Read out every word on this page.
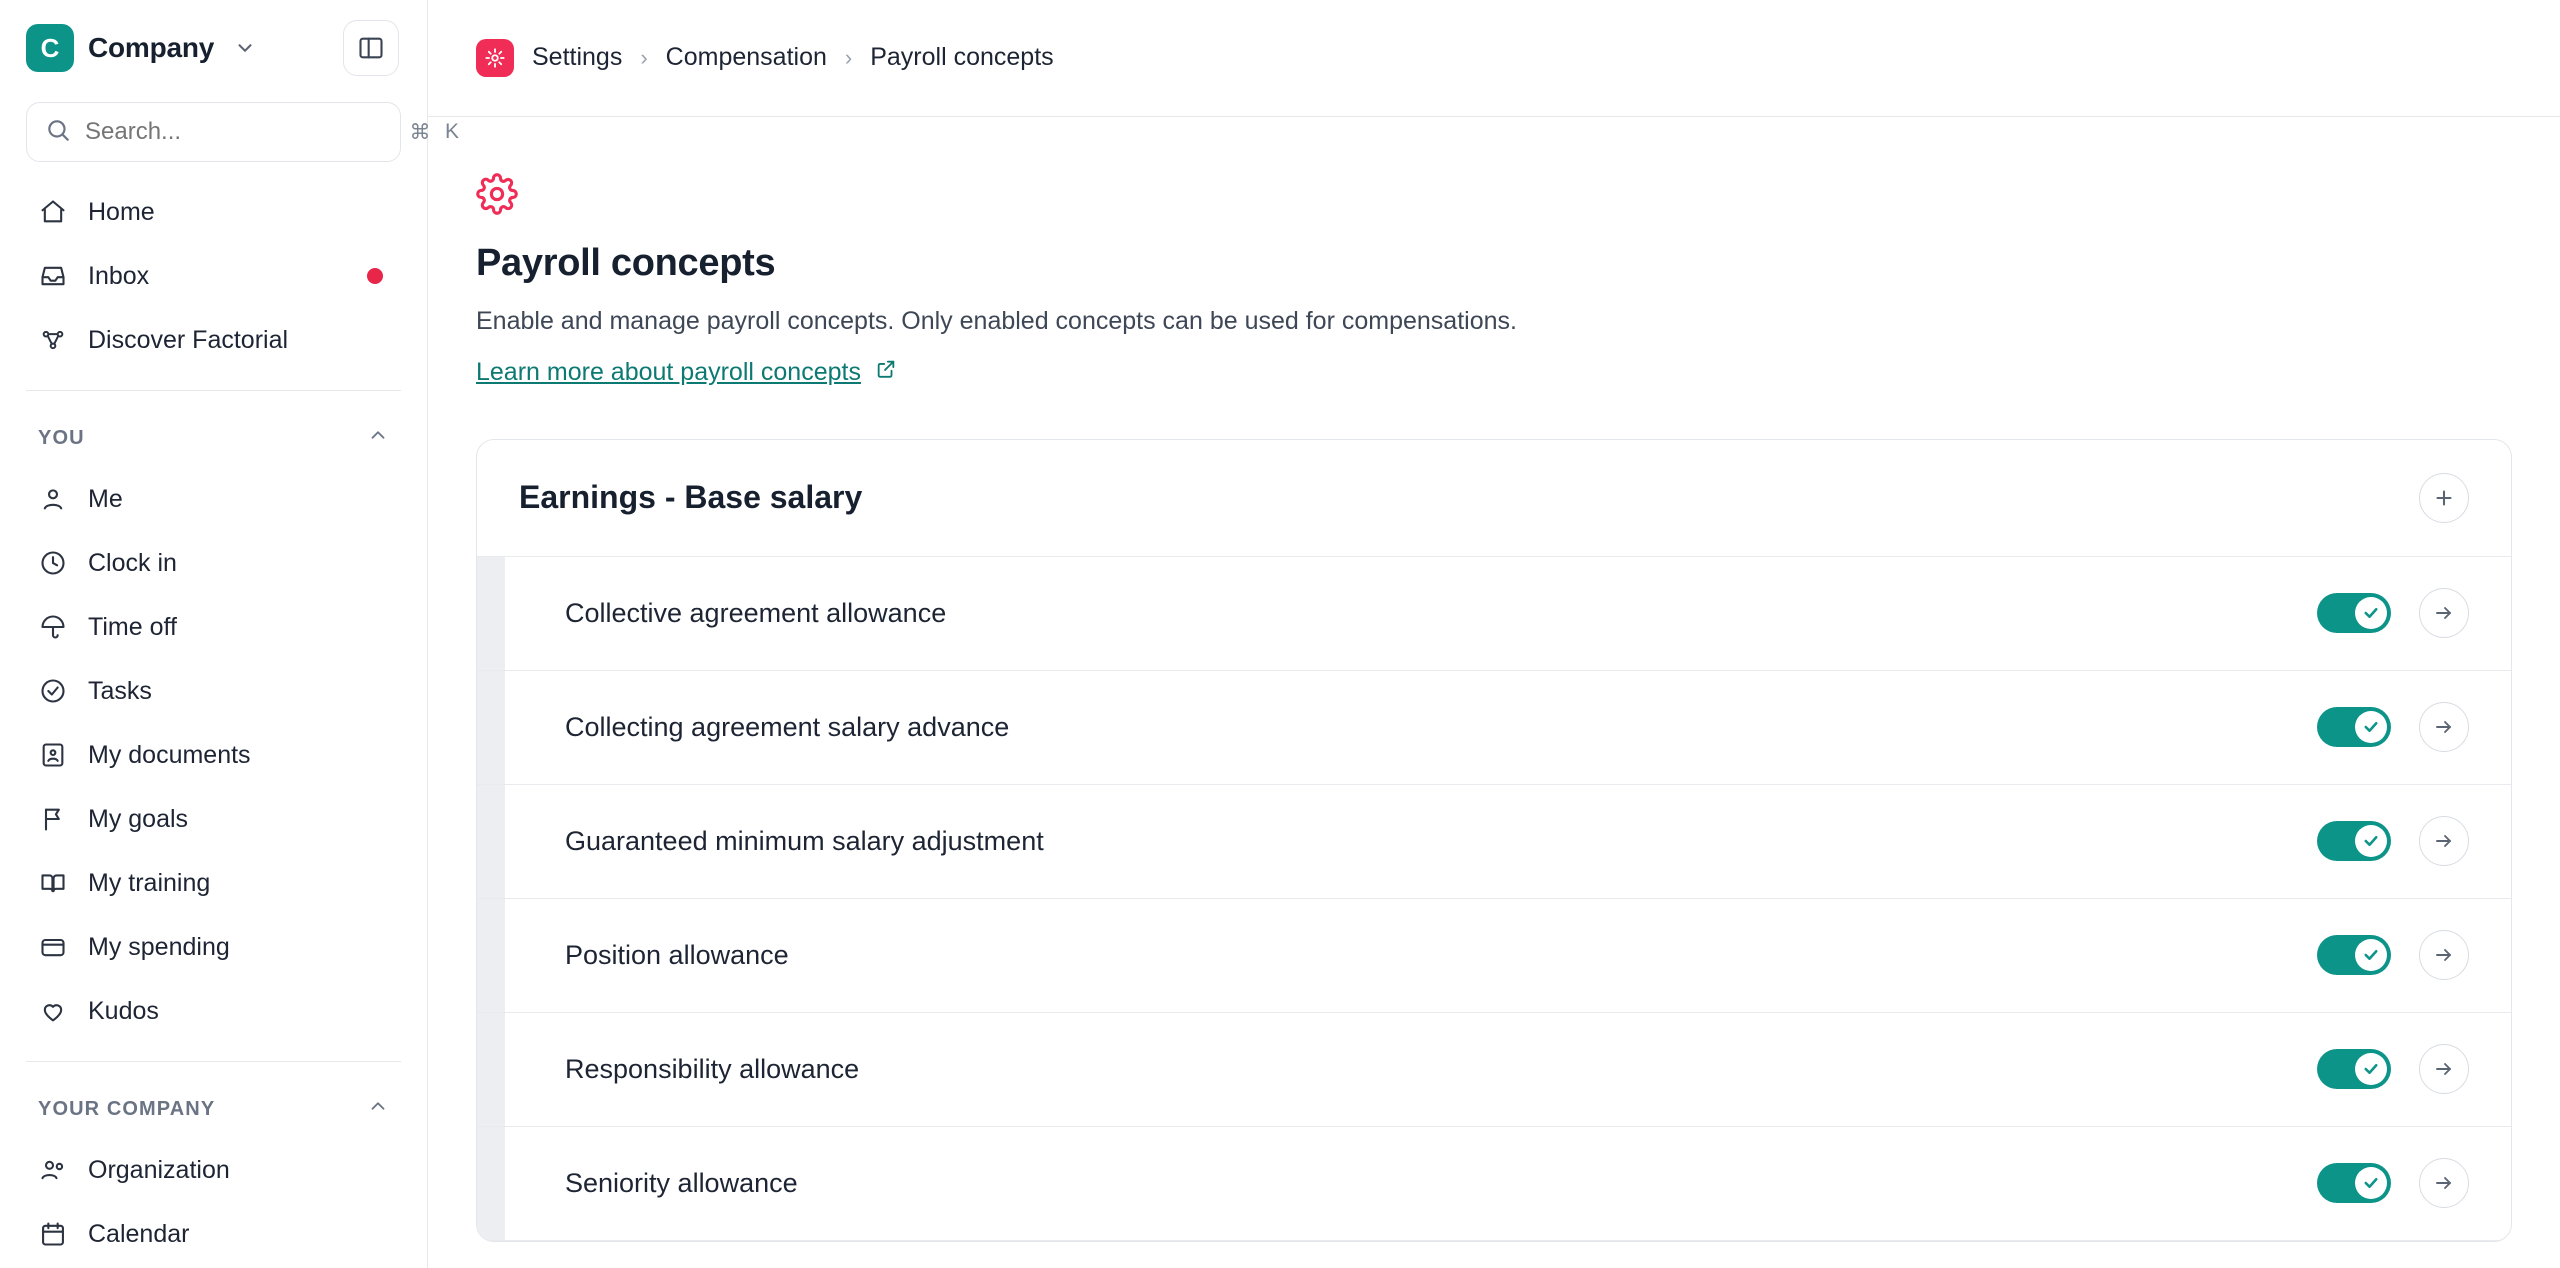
C	Company
Search...
⌘ K
Home
Inbox
Discover Factorial
YOU
Me
Clock in
Time off
Tasks
My documents
My goals
My training
My spending
Kudos
YOUR COMPANY
Organization
Calendar
Settings › Compensation › Payroll concepts
Payroll concepts

Enable and manage payroll concepts. Only enabled concepts can be used for compensations.

Learn more about payroll concepts
Earnings - Base salary
Collective agreement allowance
Collecting agreement salary advance
Guaranteed minimum salary adjustment
Position allowance
Responsibility allowance
Seniority allowance
